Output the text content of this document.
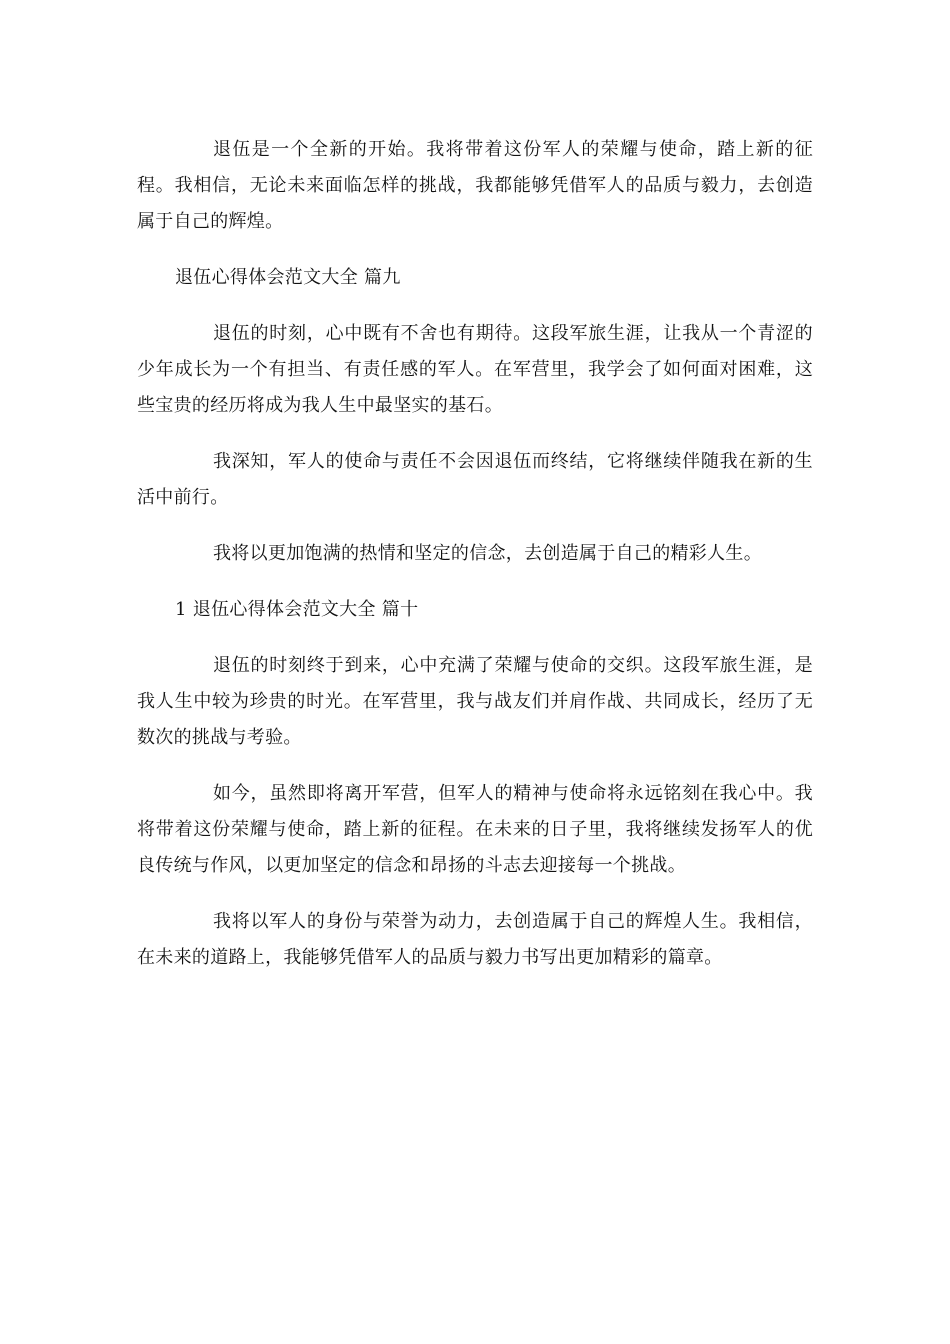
退伍是一个全新的开始。我将带着这份军人的荣耀与使命，踏上新的征程。我相信，无论未来面临怎样的挑战，我都能够凭借军人的品质与毅力，去创造属于自己的辉煌。

退伍心得体会范文大全 篇九

退伍的时刻，心中既有不舍也有期待。这段军旅生涯，让我从一个青涩的少年成长为一个有担当、有责任感的军人。在军营里，我学会了如何面对困难，这些宝贵的经历将成为我人生中最坚实的基石。

我深知，军人的使命与责任不会因退伍而终结，它将继续伴随我在新的生活中前行。

我将以更加饱满的热情和坚定的信念，去创造属于自己的精彩人生。

1 退伍心得体会范文大全 篇十

退伍的时刻终于到来，心中充满了荣耀与使命的交织。这段军旅生涯，是我人生中较为珍贵的时光。在军营里，我与战友们并肩作战、共同成长，经历了无数次的挑战与考验。

如今，虽然即将离开军营，但军人的精神与使命将永远铭刻在我心中。我将带着这份荣耀与使命，踏上新的征程。在未来的日子里，我将继续发扬军人的优良传统与作风，以更加坚定的信念和昂扬的斗志去迎接每一个挑战。

我将以军人的身份与荣誉为动力，去创造属于自己的辉煌人生。我相信，在未来的道路上，我能够凭借军人的品质与毅力书写出更加精彩的篇章。
